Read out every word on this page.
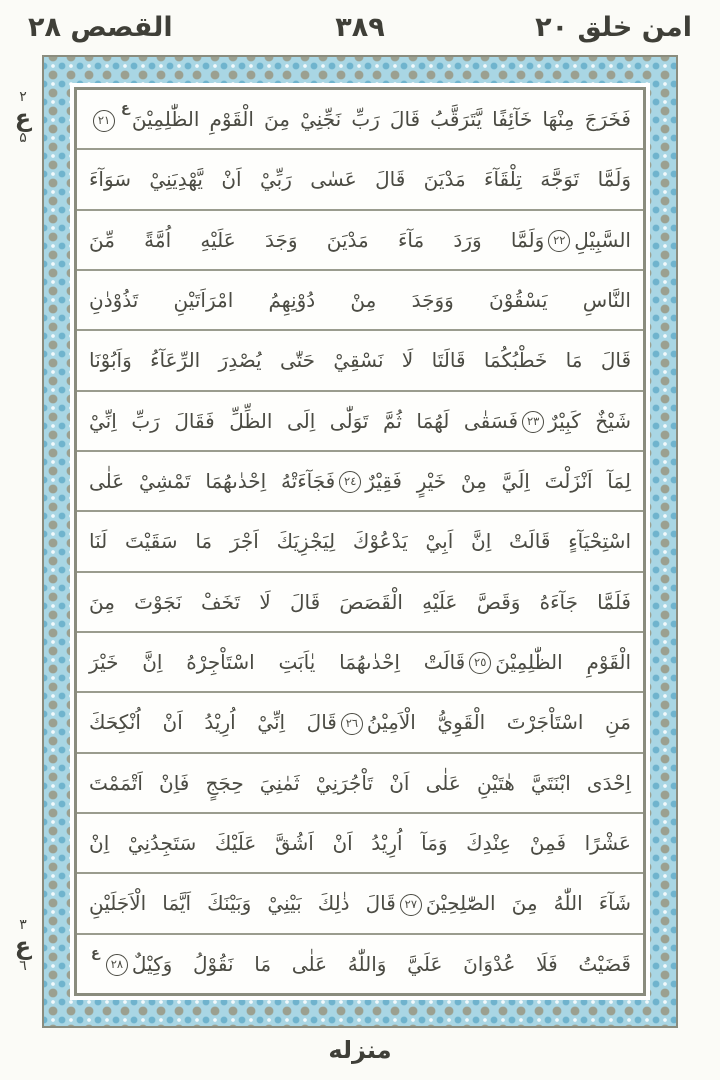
امن خلق ٢٠
٣٨٩
القصص ٢٨
٢
ع
۵
٣
ع
٦
فَخَرَجَ مِنْهَا خَآئِفًا يَّتَرَقَّبُ قَالَ رَبِّ نَجِّنِيْ مِنَ الْقَوْمِ الظّٰلِمِيْنَع٢١
وَلَمَّا تَوَجَّهَ تِلْقَآءَ مَدْيَنَ قَالَ عَسٰى رَبِّيْ اَنْ يَّهْدِيَنِيْ سَوَآءَ
السَّبِيْلِ٢٢وَلَمَّا وَرَدَ مَآءَ مَدْيَنَ وَجَدَ عَلَيْهِ اُمَّةً مِّنَ
النَّاسِ يَسْقُوْنَ وَوَجَدَ مِنْ دُوْنِهِمُ امْرَاَتَيْنِ تَذُوْدٰنِ
قَالَ مَا خَطْبُكُمَا قَالَتَا لَا نَسْقِيْ حَتّٰى يُصْدِرَ الرِّعَآءُ وَاَبُوْنَا
شَيْخٌ كَبِيْرٌ٢٣فَسَقٰى لَهُمَا ثُمَّ تَوَلّٰى اِلَى الظِّلِّ فَقَالَ رَبِّ اِنِّيْ
لِمَآ اَنْزَلْتَ اِلَيَّ مِنْ خَيْرٍ فَقِيْرٌ٢٤فَجَآءَتْهُ اِحْدٰىهُمَا تَمْشِيْ عَلٰى
اسْتِحْيَآءٍ قَالَتْ اِنَّ اَبِيْ يَدْعُوْكَ لِيَجْزِيَكَ اَجْرَ مَا سَقَيْتَ لَنَا
فَلَمَّا جَآءَهُ وَقَصَّ عَلَيْهِ الْقَصَصَ قَالَ لَا تَخَفْ نَجَوْتَ مِنَ
الْقَوْمِ الظّٰلِمِيْنَ٢٥قَالَتْ اِحْدٰىهُمَا يٰاَبَتِ اسْتَاْجِرْهُ اِنَّ خَيْرَ
مَنِ اسْتَاْجَرْتَ الْقَوِيُّ الْاَمِيْنُ٢٦قَالَ اِنِّيْ اُرِيْدُ اَنْ اُنْكِحَكَ
اِحْدَى ابْنَتَيَّ هٰتَيْنِ عَلٰى اَنْ تَاْجُرَنِيْ ثَمٰنِيَ حِجَجٍ فَاِنْ اَتْمَمْتَ
عَشْرًا فَمِنْ عِنْدِكَ وَمَآ اُرِيْدُ اَنْ اَشُقَّ عَلَيْكَ سَتَجِدُنِيْ اِنْ
شَآءَ اللّٰهُ مِنَ الصّٰلِحِيْنَ٢٧قَالَ ذٰلِكَ بَيْنِيْ وَبَيْنَكَ اَيَّمَا الْاَجَلَيْنِ
قَضَيْتُ فَلَا عُدْوَانَ عَلَيَّ وَاللّٰهُ عَلٰى مَا نَقُوْلُ وَكِيْلٌ٢٨ع
منزله
